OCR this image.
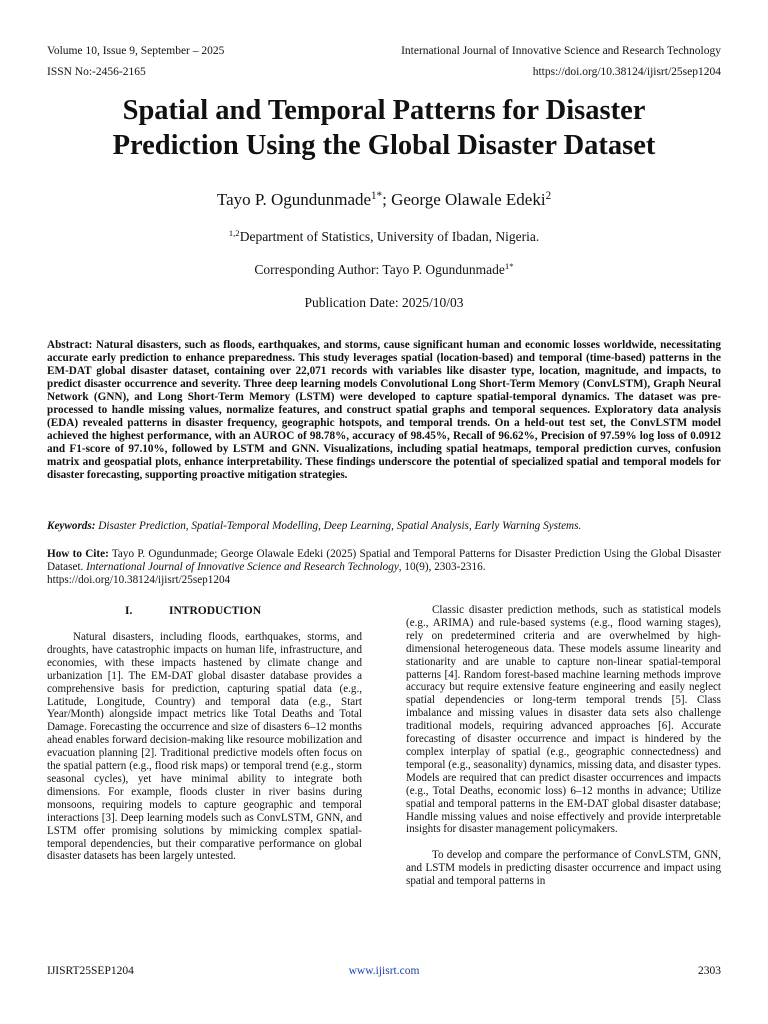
Volume 10, Issue 9, September – 2025	International Journal of Innovative Science and Research Technology
ISSN No:-2456-2165	https://doi.org/10.38124/ijisrt/25sep1204
Spatial and Temporal Patterns for Disaster
Prediction Using the Global Disaster Dataset
Tayo P. Ogundunmade$^{1*}$; George Olawale Edeki$^2$
$^{1,2}$Department of Statistics, University of Ibadan, Nigeria.
Corresponding Author: Tayo P. Ogundunmade$^{1*}$
Publication Date: 2025/10/03
Abstract: Natural disasters, such as floods, earthquakes, and storms, cause significant human and economic losses worldwide, necessitating accurate early prediction to enhance preparedness. This study leverages spatial (location-based) and temporal (time-based) patterns in the EM-DAT global disaster dataset, containing over 22,071 records with variables like disaster type, location, magnitude, and impacts, to predict disaster occurrence and severity. Three deep learning models Convolutional Long Short-Term Memory (ConvLSTM), Graph Neural Network (GNN), and Long Short-Term Memory (LSTM) were developed to capture spatial-temporal dynamics. The dataset was pre-processed to handle missing values, normalize features, and construct spatial graphs and temporal sequences. Exploratory data analysis (EDA) revealed patterns in disaster frequency, geographic hotspots, and temporal trends. On a held-out test set, the ConvLSTM model achieved the highest performance, with an AUROC of 98.78%, accuracy of 98.45%, Recall of 96.62%, Precision of 97.59% log loss of 0.0912 and F1-score of 97.10%, followed by LSTM and GNN. Visualizations, including spatial heatmaps, temporal prediction curves, confusion matrix and geospatial plots, enhance interpretability. These findings underscore the potential of specialized spatial and temporal models for disaster forecasting, supporting proactive mitigation strategies.
Keywords: Disaster Prediction, Spatial-Temporal Modelling, Deep Learning, Spatial Analysis, Early Warning Systems.
How to Cite: Tayo P. Ogundunmade; George Olawale Edeki (2025) Spatial and Temporal Patterns for Disaster Prediction Using the Global Disaster Dataset. International Journal of Innovative Science and Research Technology, 10(9), 2303-2316.
https://doi.org/10.38124/ijisrt/25sep1204
I.	INTRODUCTION

Natural disasters, including floods, earthquakes, storms, and droughts, have catastrophic impacts on human life, infrastructure, and economies, with these impacts hastened by climate change and urbanization [1]. The EM-DAT global disaster database provides a comprehensive basis for prediction, capturing spatial data (e.g., Latitude, Longitude, Country) and temporal data (e.g., Start Year/Month) alongside impact metrics like Total Deaths and Total Damage. Forecasting the occurrence and size of disasters 6–12 months ahead enables forward decision-making like resource mobilization and evacuation planning [2]. Traditional predictive models often focus on the spatial pattern (e.g., flood risk maps) or temporal trend (e.g., storm seasonal cycles), yet have minimal ability to integrate both dimensions. For example, floods cluster in river basins during monsoons, requiring models to capture geographic and temporal interactions [3]. Deep learning models such as ConvLSTM, GNN, and LSTM offer promising solutions by mimicking complex spatial-temporal dependencies, but their comparative performance on global disaster datasets has been largely untested.

Classic disaster prediction methods, such as statistical models (e.g., ARIMA) and rule-based systems (e.g., flood warning stages), rely on predetermined criteria and are overwhelmed by high-dimensional heterogeneous data. These models assume linearity and stationarity and are unable to capture non-linear spatial-temporal patterns [4]. Random forest-based machine learning methods improve accuracy but require extensive feature engineering and easily neglect spatial dependencies or long-term temporal trends [5]. Class imbalance and missing values in disaster data sets also challenge traditional models, requiring advanced approaches [6]. Accurate forecasting of disaster occurrence and impact is hindered by the complex interplay of spatial (e.g., geographic connectedness) and temporal (e.g., seasonality) dynamics, missing data, and disaster types. Models are required that can predict disaster occurrences and impacts (e.g., Total Deaths, economic loss) 6–12 months in advance; Utilize spatial and temporal patterns in the EM-DAT global disaster database; Handle missing values and noise effectively and provide interpretable insights for disaster management policymakers.

To develop and compare the performance of ConvLSTM, GNN, and LSTM models in predicting disaster occurrence and impact using spatial and temporal patterns in

IJISRT25SEP1204	www.ijisrt.com	2303
